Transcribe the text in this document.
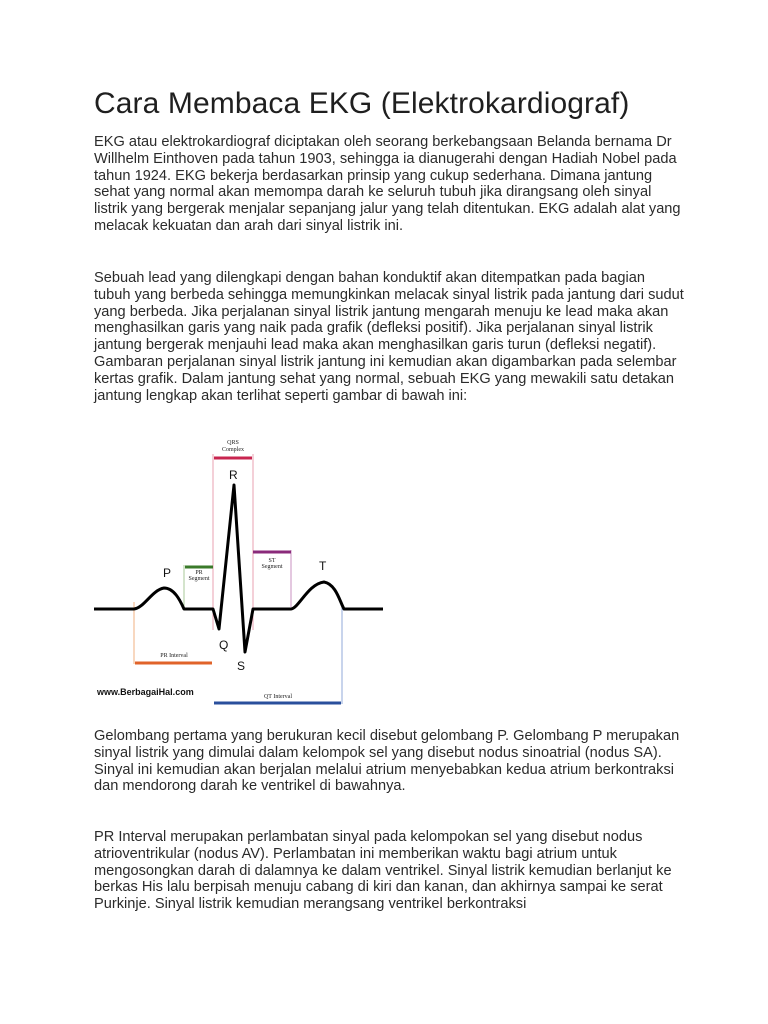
Cara Membaca EKG (Elektrokardiograf)

EKG atau elektrokardiograf diciptakan oleh seorang berkebangsaan Belanda bernama Dr Willhelm Einthoven pada tahun 1903, sehingga ia dianugerahi dengan Hadiah Nobel pada tahun 1924. EKG bekerja berdasarkan prinsip yang cukup sederhana. Dimana jantung sehat yang normal akan memompa darah ke seluruh tubuh jika dirangsang oleh sinyal listrik yang bergerak menjalar sepanjang jalur yang telah ditentukan. EKG adalah alat yang melacak kekuatan dan arah dari sinyal listrik ini.

Sebuah lead yang dilengkapi dengan bahan konduktif akan ditempatkan pada bagian tubuh yang berbeda sehingga memungkinkan melacak sinyal listrik pada jantung dari sudut yang berbeda. Jika perjalanan sinyal listrik jantung mengarah menuju ke lead maka akan menghasilkan garis yang naik pada grafik (defleksi positif). Jika perjalanan sinyal listrik jantung bergerak menjauhi lead maka akan menghasilkan garis turun (defleksi negatif). Gambaran perjalanan sinyal listrik jantung ini kemudian akan digambarkan pada selembar kertas grafik. Dalam jantung sehat yang normal, sebuah EKG yang mewakili satu detakan jantung lengkap akan terlihat seperti gambar di bawah ini:

QRS
Complex
PR
Segment
ST
Segment
R
P	T
Q
S
PR Interval
QT Interval
www.BerbagaiHal.com

Gelombang pertama yang berukuran kecil disebut gelombang P. Gelombang P merupakan sinyal listrik yang dimulai dalam kelompok sel yang disebut nodus sinoatrial (nodus SA). Sinyal ini kemudian akan berjalan melalui atrium menyebabkan kedua atrium berkontraksi dan mendorong darah ke ventrikel di bawahnya.

PR Interval merupakan perlambatan sinyal pada kelompokan sel yang disebut nodus atrioventrikular (nodus AV). Perlambatan ini memberikan waktu bagi atrium untuk mengosongkan darah di dalamnya ke dalam ventrikel. Sinyal listrik kemudian berlanjut ke berkas His lalu berpisah menuju cabang di kiri dan kanan, dan akhirnya sampai ke serat Purkinje. Sinyal listrik kemudian merangsang ventrikel berkontraksi
